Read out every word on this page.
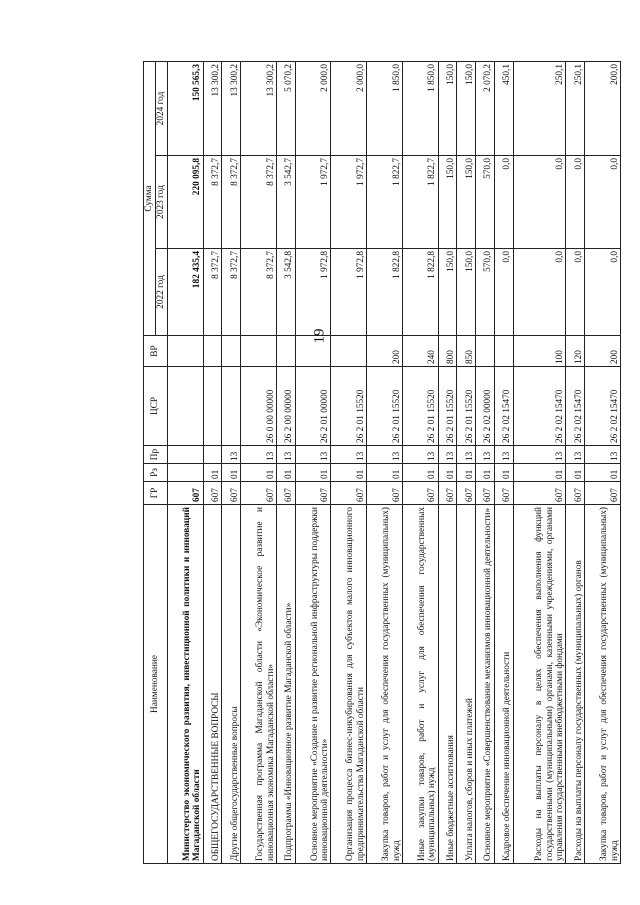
19
Наименование	ГР	Рз	Пр	ЦСР	ВР	Сумма		
						2022 год	2023 год	2024 год
Министерство экономического развития, инвестиционной политики и инноваций Магаданской области	607					182 435,4	220 095,8	150 565,3
ОБЩЕГОСУДАРСТВЕННЫЕ ВОПРОСЫ	607	01				8 372,7	8 372,7	13 300,2
Другие общегосударственные вопросы	607	01	13			8 372,7	8 372,7	13 300,2
Государственная программа Магаданской области «Экономическое развитие и инновационная экономика Магаданской области»	607	01	13	26 0 00 00000		8 372,7	8 372,7	13 300,2
Подпрограмма «Инновационное развитие Магаданской области»	607	01	13	26 2 00 00000		3 542,8	3 542,7	5 070,2
Основное мероприятие «Создание и развитие региональной инфраструктуры поддержки инновационной деятельности»	607	01	13	26 2 01 00000		1 972,8	1 972,7	2 000,0
Организация процесса бизнес-инкубирования для субъектов малого инновационного предпринимательства Магаданской области	607	01	13	26 2 01 15520		1 972,8	1 972,7	2 000,0
Закупка товаров, работ и услуг для обеспечения государственных (муниципальных) нужд	607	01	13	26 2 01 15520	200	1 822,8	1 822,7	1 850,0
Иные закупки товаров, работ и услуг для обеспечения государственных (муниципальных) нужд	607	01	13	26 2 01 15520	240	1 822,8	1 822,7	1 850,0
Иные бюджетные ассигнования	607	01	13	26 2 01 15520	800	150,0	150,0	150,0
Уплата налогов, сборов и иных платежей	607	01	13	26 2 01 15520	850	150,0	150,0	150,0
Основное мероприятие «Совершенствование механизмов инновационной деятельности»	607	01	13	26 2 02 00000		570,0	570,0	2 070,2
Кадровое обеспечение инновационной деятельности	607	01	13	26 2 02 15470		0,0	0,0	450,1
Расходы на выплаты персоналу в целях обеспечения выполнения функций государственными (муниципальными) органами, казенными учреждениями, органами управления государственными внебюджетными фондами	607	01	13	26 2 02 15470	100	0,0	0,0	250,1
Расходы на выплаты персоналу государственных (муниципальных) органов	607	01	13	26 2 02 15470	120	0,0	0,0	250,1
Закупка товаров, работ и услуг для обеспечения государственных (муниципальных) нужд	607	01	13	26 2 02 15470	200	0,0	0,0	200,0
